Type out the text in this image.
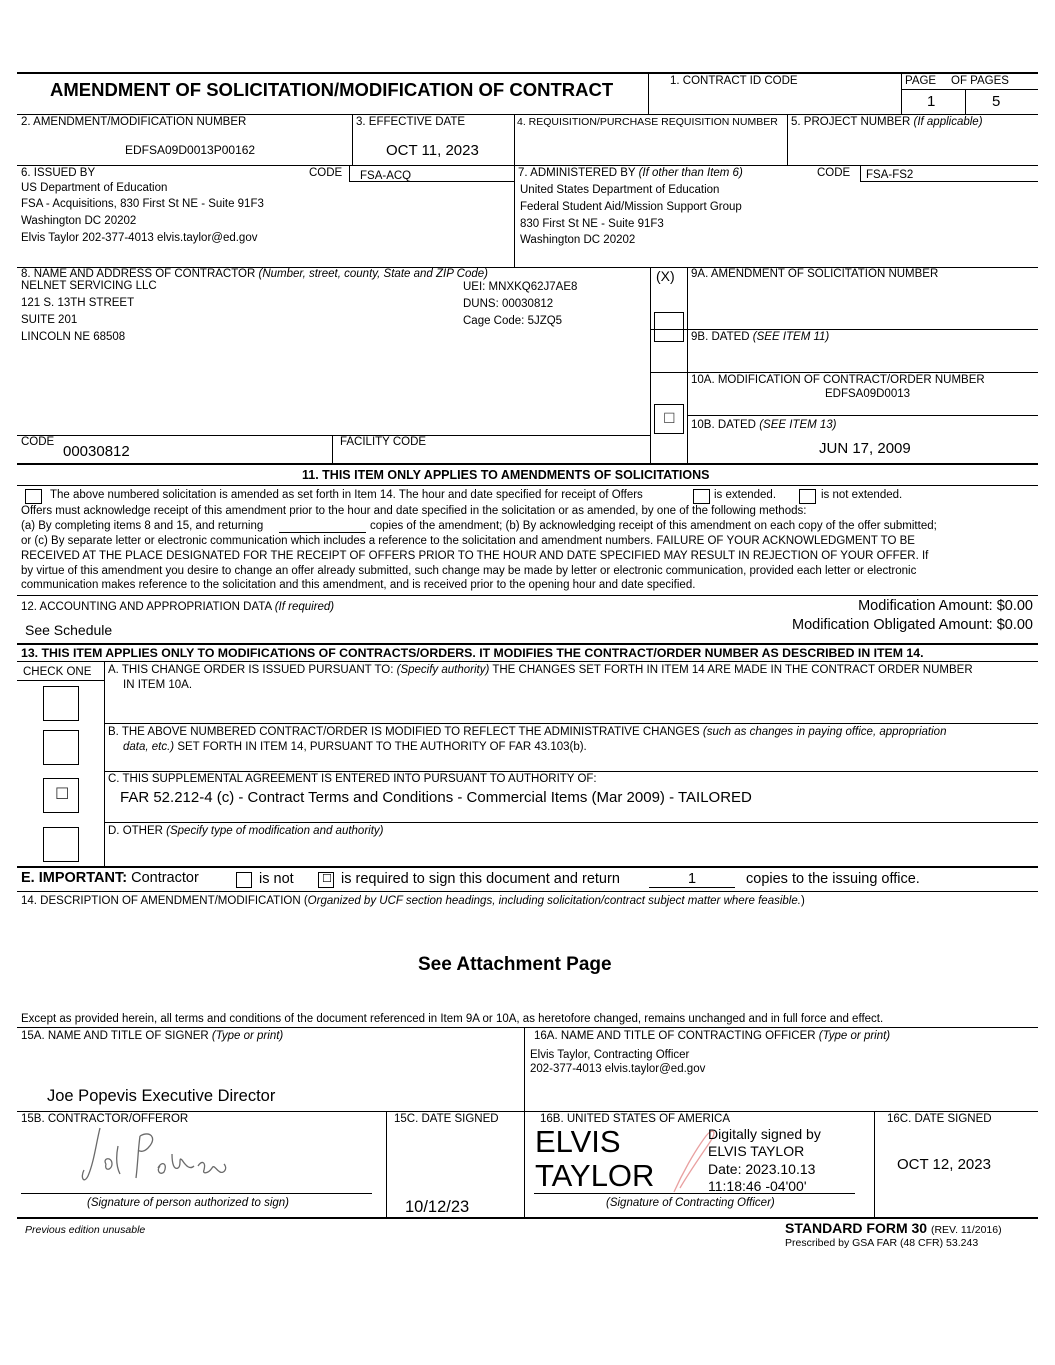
AMENDMENT OF SOLICITATION/MODIFICATION OF CONTRACT	1. CONTRACT ID CODE	PAGE OF PAGES
1	5
2. AMENDMENT/MODIFICATION NUMBER
EDFSA09D0013P00162
3. EFFECTIVE DATE
OCT 11, 2023
4. REQUISITION/PURCHASE REQUISITION NUMBER 5. PROJECT NUMBER (If applicable)
6. ISSUED BY	CODE FSA-ACQ
US Department of Education
FSA - Acquisitions, 830 First St NE - Suite 91F3
Washington DC 20202
Elvis Taylor 202-377-4013 elvis.taylor@ed.gov
7. ADMINISTERED BY (If other than Item 6)	CODE FSA-FS2
United States Department of Education
Federal Student Aid/Mission Support Group
830 First St NE - Suite 91F3
Washington DC 20202
8. NAME AND ADDRESS OF CONTRACTOR (Number, street, county, State and ZIP Code)
NELNET SERVICING LLC
121 S. 13TH STREET
SUITE 201
LINCOLN NE 68508
UEI: MNXKQ62J7AE8
DUNS: 00030812
Cage Code: 5JZQ5
(X) 9A. AMENDMENT OF SOLICITATION NUMBER
9B. DATED (SEE ITEM 11)
10A. MODIFICATION OF CONTRACT/ORDER NUMBER
EDFSA09D0013
☐ 10B. DATED (SEE ITEM 13)
JUN 17, 2009
CODE
00030812
FACILITY CODE
11. THIS ITEM ONLY APPLIES TO AMENDMENTS OF SOLICITATIONS
The above numbered solicitation is amended as set forth in Item 14. The hour and date specified for receipt of Offers	is extended.	is not extended.
Offers must acknowledge receipt of this amendment prior to the hour and date specified in the solicitation or as amended, by one of the following methods:
(a) By completing items 8 and 15, and returning	copies of the amendment; (b) By acknowledging receipt of this amendment on each copy of the offer submitted;
or (c) By separate letter or electronic communication which includes a reference to the solicitation and amendment numbers. FAILURE OF YOUR ACKNOWLEDGMENT TO BE
RECEIVED AT THE PLACE DESIGNATED FOR THE RECEIPT OF OFFERS PRIOR TO THE HOUR AND DATE SPECIFIED MAY RESULT IN REJECTION OF YOUR OFFER. If
by virtue of this amendment you desire to change an offer already submitted, such change may be made by letter or electronic communication, provided each letter or electronic
communication makes reference to the solicitation and this amendment, and is received prior to the opening hour and date specified.
12. ACCOUNTING AND APPROPRIATION DATA (If required)
See Schedule
Modification Amount: $0.00
Modification Obligated Amount: $0.00
13. THIS ITEM APPLIES ONLY TO MODIFICATIONS OF CONTRACTS/ORDERS. IT MODIFIES THE CONTRACT/ORDER NUMBER AS DESCRIBED IN ITEM 14.
CHECK ONE A. THIS CHANGE ORDER IS ISSUED PURSUANT TO: (Specify authority) THE CHANGES SET FORTH IN ITEM 14 ARE MADE IN THE CONTRACT ORDER NUMBER
IN ITEM 10A.
B. THE ABOVE NUMBERED CONTRACT/ORDER IS MODIFIED TO REFLECT THE ADMINISTRATIVE CHANGES (such as changes in paying office, appropriation
data, etc.) SET FORTH IN ITEM 14, PURSUANT TO THE AUTHORITY OF FAR 43.103(b).
C. THIS SUPPLEMENTAL AGREEMENT IS ENTERED INTO PURSUANT TO AUTHORITY OF:
FAR 52.212-4 (c) - Contract Terms and Conditions - Commercial Items (Mar 2009) - TAILORED
☐
D. OTHER (Specify type of modification and authority)
E. IMPORTANT: Contractor	is not	☐ is required to sign this document and return	1	copies to the issuing office.
14. DESCRIPTION OF AMENDMENT/MODIFICATION (Organized by UCF section headings, including solicitation/contract subject matter where feasible.)
See Attachment Page
Except as provided herein, all terms and conditions of the document referenced in Item 9A or 10A, as heretofore changed, remains unchanged and in full force and effect.
15A. NAME AND TITLE OF SIGNER (Type or print)
Joe Popevis Executive Director
16A. NAME AND TITLE OF CONTRACTING OFFICER (Type or print)
Elvis Taylor, Contracting Officer
202-377-4013 elvis.taylor@ed.gov
15B. CONTRACTOR/OFFEROR
(Signature of person authorized to sign)
15C. DATE SIGNED
10/12/23
16B. UNITED STATES OF AMERICA
ELVIS
TAYLOR
Digitally signed by
ELVIS TAYLOR
Date: 2023.10.13
11:18:46 -04'00'
(Signature of Contracting Officer)
16C. DATE SIGNED
OCT 12, 2023
Previous edition unusable	STANDARD FORM 30 (REV. 11/2016)
Prescribed by GSA FAR (48 CFR) 53.243
